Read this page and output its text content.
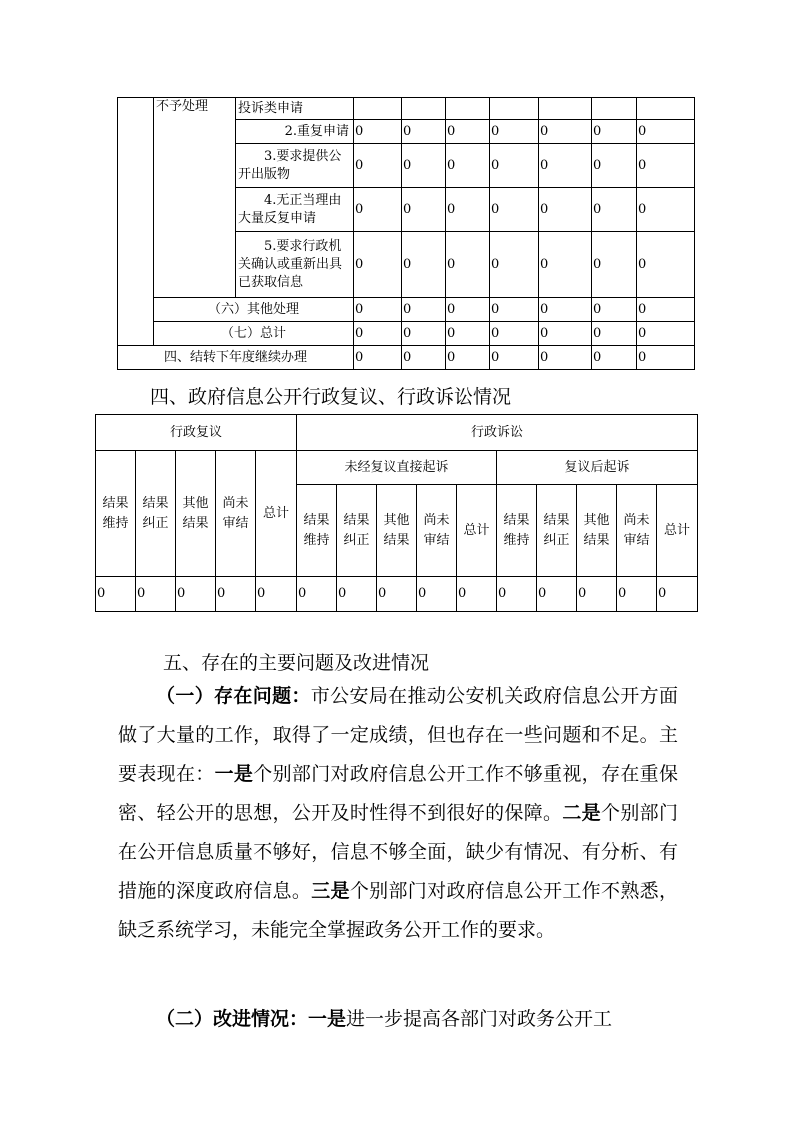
	不予处理	投诉类申请							
		2.重复申请	0	0	0	0	0	0	0
		3.要求提供公开出版物	0	0	0	0	0	0	0
		4.无正当理由大量反复申请	0	0	0	0	0	0	0
		5.要求行政机关确认或重新出具已获取信息	0	0	0	0	0	0	0
	（六）其他处理		0	0	0	0	0	0	0
	（七）总计		0	0	0	0	0	0	0
四、结转下年度继续办理			0	0	0	0	0	0	0
四、政府信息公开行政复议、行政诉讼情况
行政复议					行政诉讼									
结果维持	结果纠正	其他结果	尚未审结	总计	未经复议直接起诉					复议后起诉				
					结果维持	结果纠正	其他结果	尚未审结	总计	结果维持	结果纠正	其他结果	尚未审结	总计
0	0	0	0	0	0	0	0	0	0	0	0	0	0	0
五、存在的主要问题及改进情况
（一）存在问题：市公安局在推动公安机关政府信息公开方面做了大量的工作，取得了一定成绩，但也存在一些问题和不足。主要表现在：一是个别部门对政府信息公开工作不够重视，存在重保密、轻公开的思想，公开及时性得不到很好的保障。二是个别部门在公开信息质量不够好，信息不够全面，缺少有情况、有分析、有措施的深度政府信息。三是个别部门对政府信息公开工作不熟悉，缺乏系统学习，未能完全掌握政务公开工作的要求。
（二）改进情况：一是进一步提高各部门对政务公开工
